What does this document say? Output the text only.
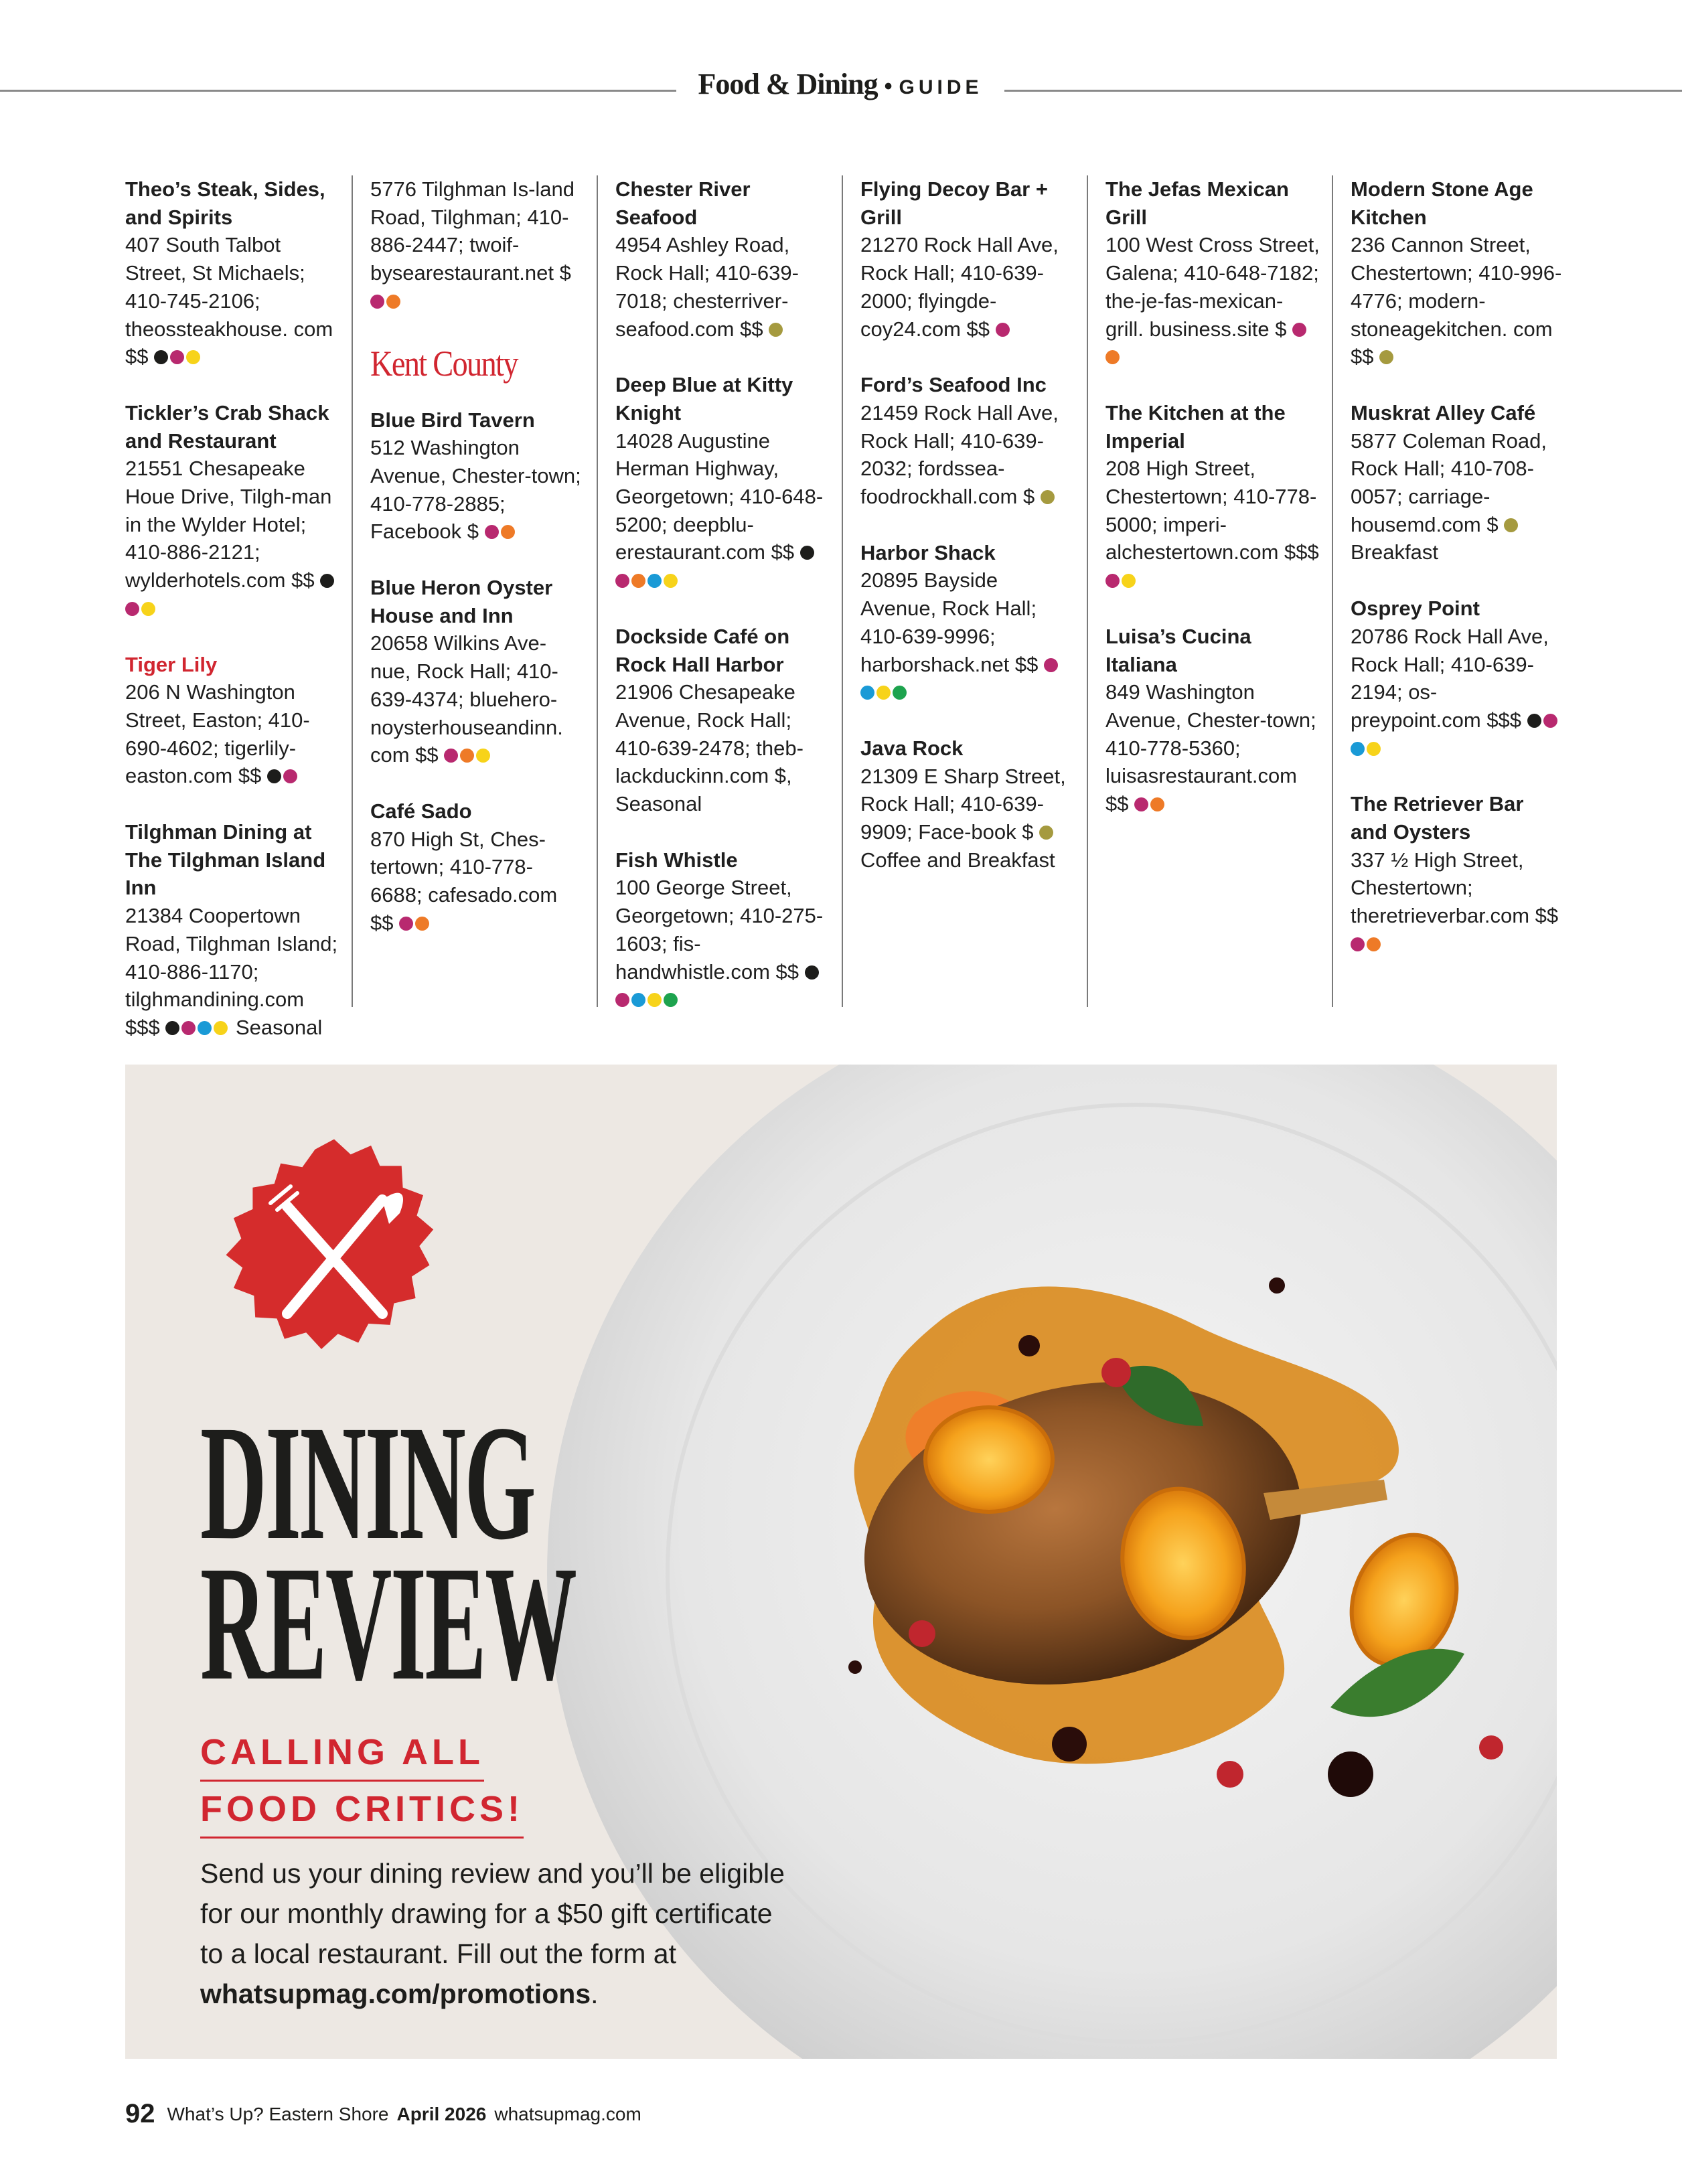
Food & Dining • GUIDE
Theo’s Steak, Sides, and Spirits
407 South Talbot Street, St Michaels; 410-745-2106; theossteakhouse. com $$
Tickler’s Crab Shack and Restaurant
21551 Chesapeake Houe Drive, Tilgh-man in the Wylder Hotel; 410-886-2121; wylderhotels.com $$
Tiger Lily
206 N Washington Street, Easton; 410-690-4602; tigerlily-easton.com $$
Tilghman Dining at The Tilghman Island Inn
21384 Coopertown Road, Tilghman Island; 410-886-1170; tilghmandining.com $$$	Seasonal
5776 Tilghman Is-land Road, Tilghman; 410-886-2447; twoif-bysearestaurant.net $
Kent County
Blue Bird Tavern
512 Washington Avenue, Chester-town; 410-778-2885; Facebook $
Blue Heron Oyster House and Inn
20658 Wilkins Ave-nue, Rock Hall; 410-639-4374; bluehero-noysterhouseandinn. com $$
Café Sado
870 High St, Ches-tertown; 410-778-6688; cafesado.com $$
Chester River Seafood
4954 Ashley Road, Rock Hall; 410-639-7018; chesterriver-seafood.com $$
Deep Blue at Kitty Knight
14028 Augustine Herman Highway, Georgetown; 410-648-5200; deepblu-erestaurant.com $$
Dockside Café on Rock Hall Harbor
21906 Chesapeake Avenue, Rock Hall; 410-639-2478; theb-lackduckinn.com $, Seasonal
Fish Whistle
100 George Street, Georgetown; 410-275-1603; fis-handwhistle.com $$
Flying Decoy Bar + Grill
21270 Rock Hall Ave, Rock Hall; 410-639-2000; flyingde-coy24.com $$
Ford’s Seafood Inc
21459 Rock Hall Ave, Rock Hall; 410-639-2032; fordssea-foodrockhall.com $
Harbor Shack
20895 Bayside Avenue, Rock Hall; 410-639-9996; harborshack.net $$
Java Rock
21309 E Sharp Street, Rock Hall; 410-639-9909; Face-book $  Coffee and Breakfast
The Jefas Mexican Grill
100 West Cross Street, Galena; 410-648-7182; the-je-fas-mexican-grill. business.site $
The Kitchen at the Imperial
208 High Street, Chestertown; 410-778-5000; imperi-alchestertown.com $$$
Luisa’s Cucina Italiana
849 Washington Avenue, Chester-town; 410-778-5360; luisasrestaurant.com $$
Modern Stone Age Kitchen
236 Cannon Street, Chestertown; 410-996-4776; modern-stoneagekitchen. com $$
Muskrat Alley Café
5877 Coleman Road, Rock Hall; 410-708-0057; carriage-housemd.com $  Breakfast
Osprey Point
20786 Rock Hall Ave, Rock Hall; 410-639-2194; os-preypoint.com $$$
The Retriever Bar and Oysters
337 ½ High Street, Chestertown; theretrieverbar.com $$
DINING
REVIEW
CALLING ALL
FOOD CRITICS!
Send us your dining review and you’ll be eligible for our monthly drawing for a $50 gift certificate to a local restaurant. Fill out the form at whatsupmag.com/promotions.
92 What’s Up? Eastern Shore April 2026 whatsupmag.com
